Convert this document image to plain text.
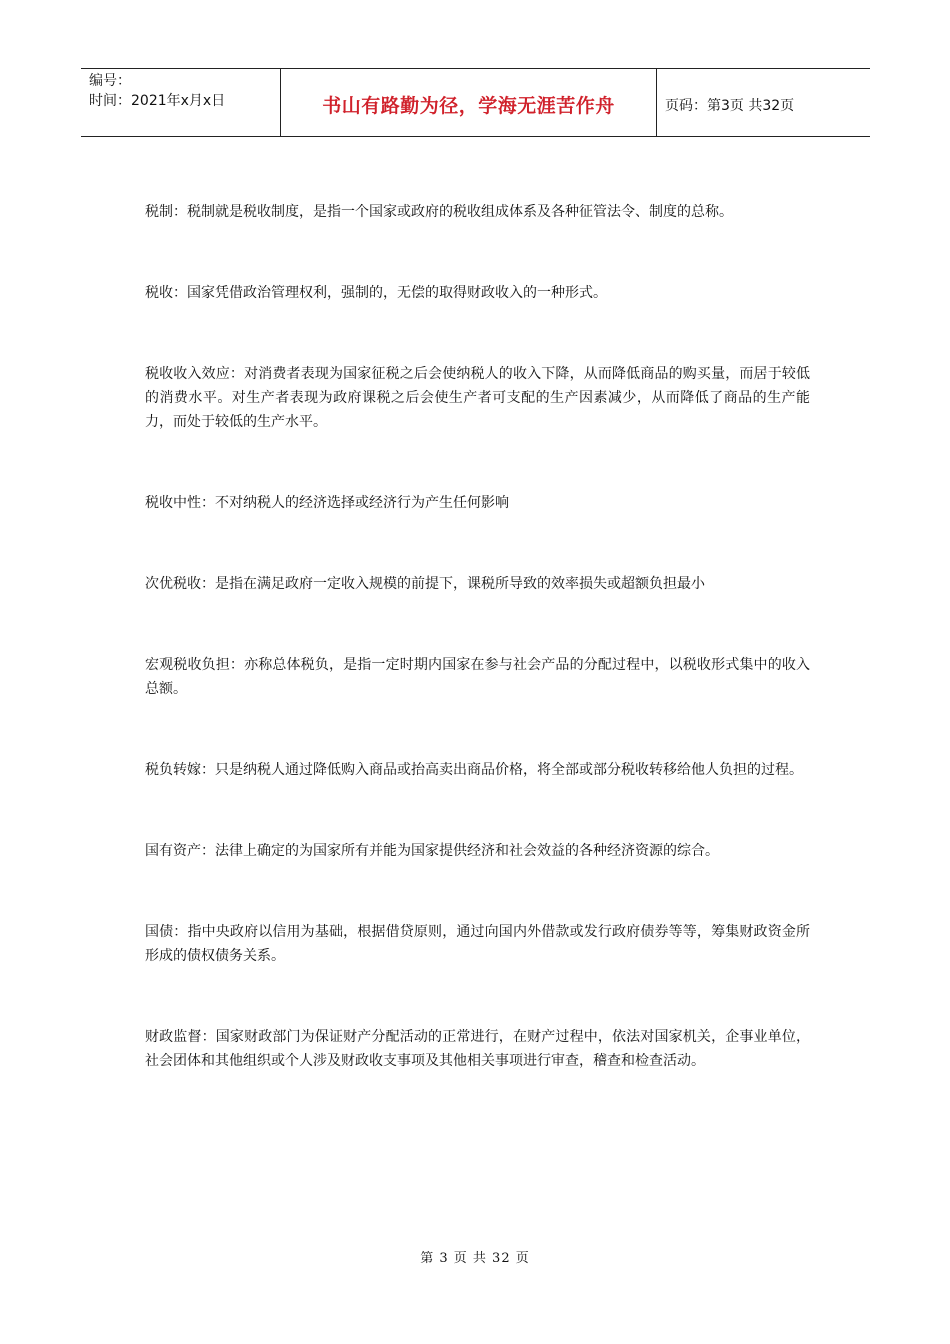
编号：
时间：2021年x月x日	书山有路勤为径，学海无涯苦作舟	页码：第3页 共32页

税制：税制就是税收制度，是指一个国家或政府的税收组成体系及各种征管法令、制度的总称。

税收：国家凭借政治管理权利，强制的，无偿的取得财政收入的一种形式。

税收收入效应：对消费者表现为国家征税之后会使纳税人的收入下降，从而降低商品的购买量，而居于较低的消费水平。对生产者表现为政府课税之后会使生产者可支配的生产因素减少，从而降低了商品的生产能力，而处于较低的生产水平。

税收中性：不对纳税人的经济选择或经济行为产生任何影响

次优税收：是指在满足政府一定收入规模的前提下，课税所导致的效率损失或超额负担最小

宏观税收负担：亦称总体税负，是指一定时期内国家在参与社会产品的分配过程中，以税收形式集中的收入总额。

税负转嫁：只是纳税人通过降低购入商品或抬高卖出商品价格，将全部或部分税收转移给他人负担的过程。

国有资产：法律上确定的为国家所有并能为国家提供经济和社会效益的各种经济资源的综合。

国债：指中央政府以信用为基础，根据借贷原则，通过向国内外借款或发行政府债券等等，筹集财政资金所形成的债权债务关系。

财政监督：国家财政部门为保证财产分配活动的正常进行，在财产过程中，依法对国家机关，企事业单位，社会团体和其他组织或个人涉及财政收支事项及其他相关事项进行审查，稽查和检查活动。

第 3 页 共 32 页
